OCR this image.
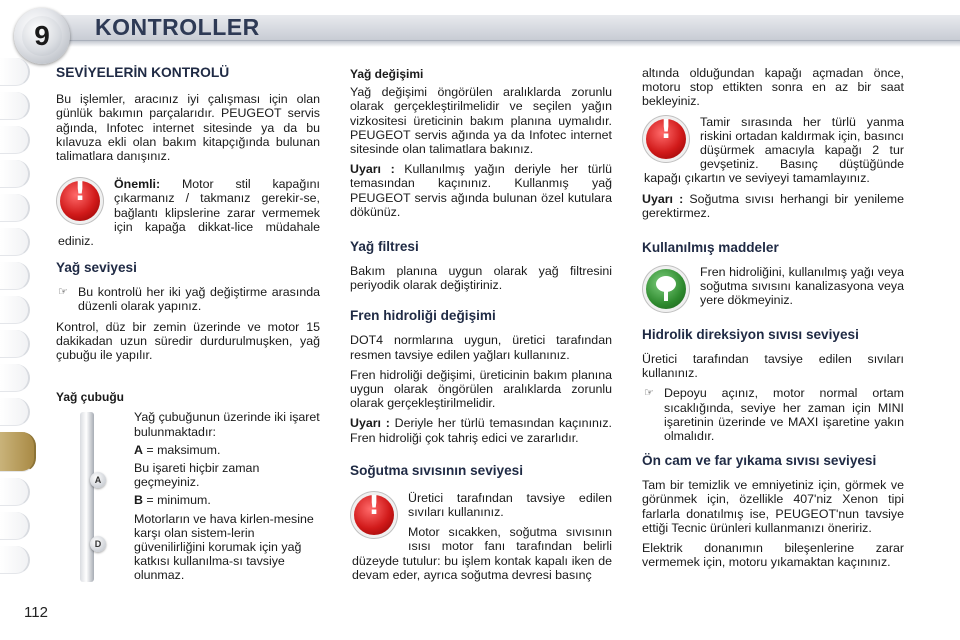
9	KONTROLLER
112
SEVİYELERİN KONTROLÜ

Bu işlemler, aracınız iyi çalışması için olan günlük bakımın parçalarıdır. PEUGEOT servis ağında, Infotec internet sitesinde ya da bu kılavuza ekli olan bakım kitapçığında bulunan talimatlara danışınız.

!

Önemli: Motor stil kapağını çıkarmanız / takmanız gerekir-se, bağlantı klipslerine zarar vermemek için kapağa dikkat-lice müdahale ediniz.

Yağ seviyesi
☞ Bu kontrolü her iki yağ değiştirme arasında düzenli olarak yapınız.

Kontrol, düz bir zemin üzerinde ve motor 15 dakikadan uzun süredir durdurulmuşken, yağ çubuğu ile yapılır.

Yağ çubuğu
A
D

Yağ çubuğunun üzerinde iki işaret bulunmaktadır:

A = maksimum.

Bu işareti hiçbir zaman geçmeyiniz.

B = minimum.

Motorların ve hava kirlen-mesine karşı olan sistem-lerin güvenilirliğini korumak için yağ katkısı kullanılma-sı tavsiye olunmaz.

Yağ değişimi

Yağ değişimi öngörülen aralıklarda zorunlu olarak gerçekleştirilmelidir ve seçilen yağın vizkositesi üreticinin bakım planına uymalıdır. PEUGEOT servis ağında ya da Infotec internet sitesinde olan talimatlara bakınız.

Uyarı : Kullanılmış yağın deriyle her türlü temasından kaçınınız. Kullanmış yağ PEUGEOT servis ağında bulunan özel kutulara dökünüz.

Yağ filtresi

Bakım planına uygun olarak yağ filtresini periyodik olarak değiştiriniz.

Fren hidroliği değişimi

DOT4 normlarına uygun, üretici tarafından resmen tavsiye edilen yağları kullanınız.

Fren hidroliği değişimi, üreticinin bakım planına uygun olarak öngörülen aralıklarda zorunlu olarak gerçekleştirilmelidir.

Uyarı : Deriyle her türlü temasından kaçınınız. Fren hidroliği çok tahriş edici ve zararlıdır.

Soğutma sıvısının seviyesi
!

Üretici tarafından tavsiye edilen sıvıları kullanınız.

Motor sıcakken, soğutma sıvısının ısısı motor fanı tarafından belirli düzeyde tutulur: bu işlem kontak kapalı iken de devam eder, ayrıca soğutma devresi basınç

altında olduğundan kapağı açmadan önce, motoru stop ettikten sonra en az bir saat bekleyiniz.

!

Tamir sırasında her türlü yanma riskini ortadan kaldırmak için, basıncı düşürmek amacıyla kapağı 2 tur gevşetiniz. Basınç düştüğünde kapağı çıkartın ve seviyeyi tamamlayınız.

Uyarı : Soğutma sıvısı herhangi bir yenileme gerektirmez.

Kullanılmış maddeler

Fren hidroliğini, kullanılmış yağı veya soğutma sıvısını kanalizasyona veya yere dökmeyiniz.

Hidrolik direksiyon sıvısı seviyesi

Üretici tarafından tavsiye edilen sıvıları kullanınız.

☞ Depoyu açınız, motor normal ortam sıcaklığında, seviye her zaman için MINI işaretinin üzerinde ve MAXI işaretine yakın olmalıdır.
Ön cam ve far yıkama sıvısı seviyesi

Tam bir temizlik ve emniyetiniz için, görmek ve görünmek için, özellikle 407'niz Xenon tipi farlarla donatılmış ise, PEUGEOT'nun tavsiye ettiği Tecnic ürünleri kullanmanızı öneririz.

Elektrik donanımın bileşenlerine zarar vermemek için, motoru yıkamaktan kaçınınız.
